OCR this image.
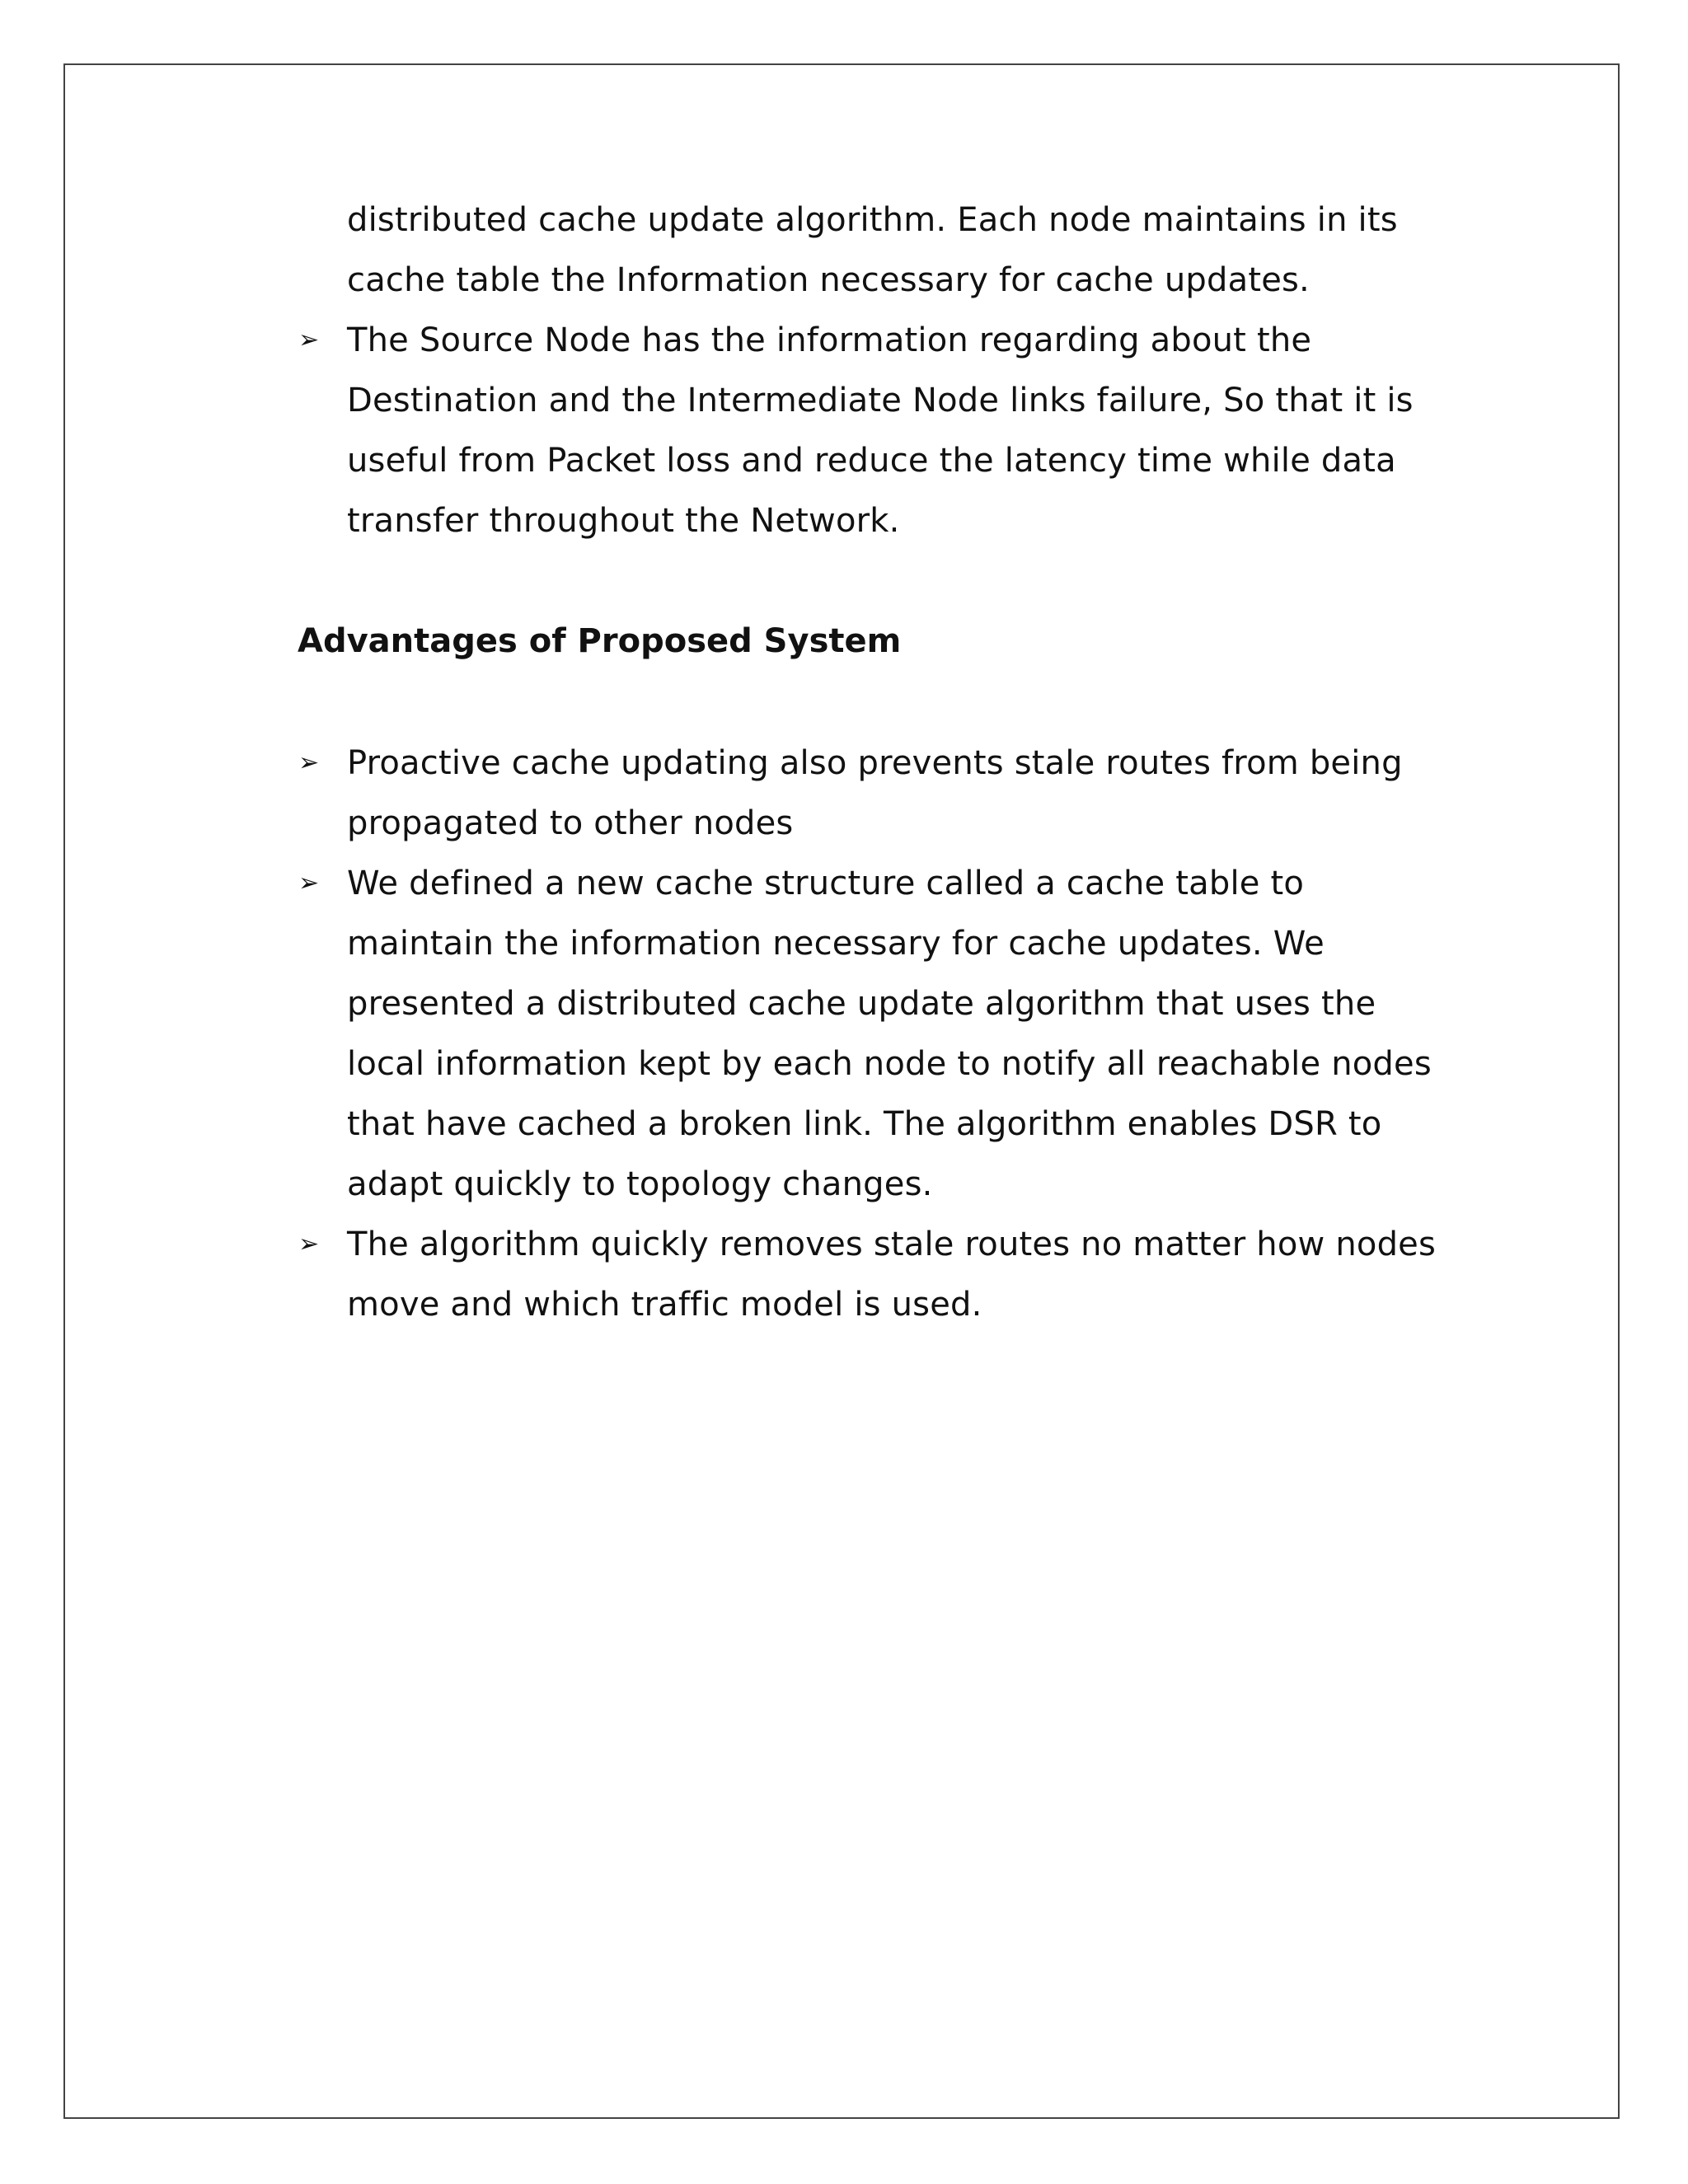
distributed cache update algorithm. Each node maintains in its
cache table the Information necessary for cache updates.
➢ The Source Node has the information regarding about the
Destination and the Intermediate Node links failure, So that it is
useful from Packet loss and reduce the latency time while data
transfer throughout the Network.
Advantages of Proposed System
➢ Proactive cache updating also prevents stale routes from being
propagated to other nodes
➢ We defined a new cache structure called a cache table to
maintain the information necessary for cache updates. We
presented a distributed cache update algorithm that uses the
local information kept by each node to notify all reachable nodes
that have cached a broken link. The algorithm enables DSR to
adapt quickly to topology changes.
➢ The algorithm quickly removes stale routes no matter how nodes
move and which traffic model is used.
